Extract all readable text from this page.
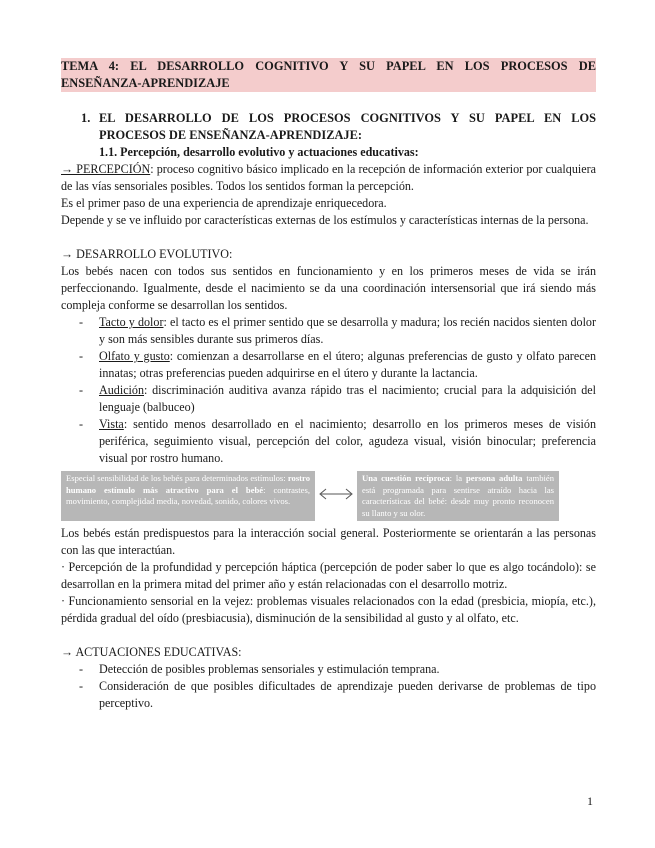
TEMA 4: EL DESARROLLO COGNITIVO Y SU PAPEL EN LOS PROCESOS DE
ENSEÑANZA-APRENDIZAJE
1. EL DESARROLLO DE LOS PROCESOS COGNITIVOS Y SU PAPEL EN LOS
PROCESOS DE ENSEÑANZA-APRENDIZAJE:
1.1. Percepción, desarrollo evolutivo y actuaciones educativas:

→ PERCEPCIÓN: proceso cognitivo básico implicado en la recepción de información exterior por cualquiera de las vías sensoriales posibles. Todos los sentidos forman la percepción.

Es el primer paso de una experiencia de aprendizaje enriquecedora.

Depende y se ve influido por características externas de los estímulos y características internas de la persona.

→ DESARROLLO EVOLUTIVO:

Los bebés nacen con todos sus sentidos en funcionamiento y en los primeros meses de vida se irán perfeccionando. Igualmente, desde el nacimiento se da una coordinación intersensorial que irá siendo más compleja conforme se desarrollan los sentidos.

- Tacto y dolor: el tacto es el primer sentido que se desarrolla y madura; los recién nacidos sienten dolor y son más sensibles durante sus primeros días.
- Olfato y gusto: comienzan a desarrollarse en el útero; algunas preferencias de gusto y olfato parecen innatas; otras preferencias pueden adquirirse en el útero y durante la lactancia.
- Audición: discriminación auditiva avanza rápido tras el nacimiento; crucial para la adquisición del lenguaje (balbuceo)
- Vista: sentido menos desarrollado en el nacimiento; desarrollo en los primeros meses de visión periférica, seguimiento visual, percepción del color, agudeza visual, visión binocular; preferencia visual por rostro humano.
Especial sensibilidad de los bebés para determinados estímulos: rostro humano estímulo más atractivo para el bebé: contrastes, movimiento, complejidad media, novedad, sonido, colores vivos.
Una cuestión recíproca: la persona adulta también está programada para sentirse atraído hacia las características del bebé: desde muy pronto reconocen su llanto y su olor.

Los bebés están predispuestos para la interacción social general. Posteriormente se orientarán a las personas con las que interactúan.

· Percepción de la profundidad y percepción háptica (percepción de poder saber lo que es algo tocándolo): se desarrollan en la primera mitad del primer año y están relacionadas con el desarrollo motriz.

· Funcionamiento sensorial en la vejez: problemas visuales relacionados con la edad (presbicia, miopía, etc.), pérdida gradual del oído (presbiacusia), disminución de la sensibilidad al gusto y al olfato, etc.

→ ACTUACIONES EDUCATIVAS:

- Detección de posibles problemas sensoriales y estimulación temprana.
- Consideración de que posibles dificultades de aprendizaje pueden derivarse de problemas de tipo perceptivo.
1
